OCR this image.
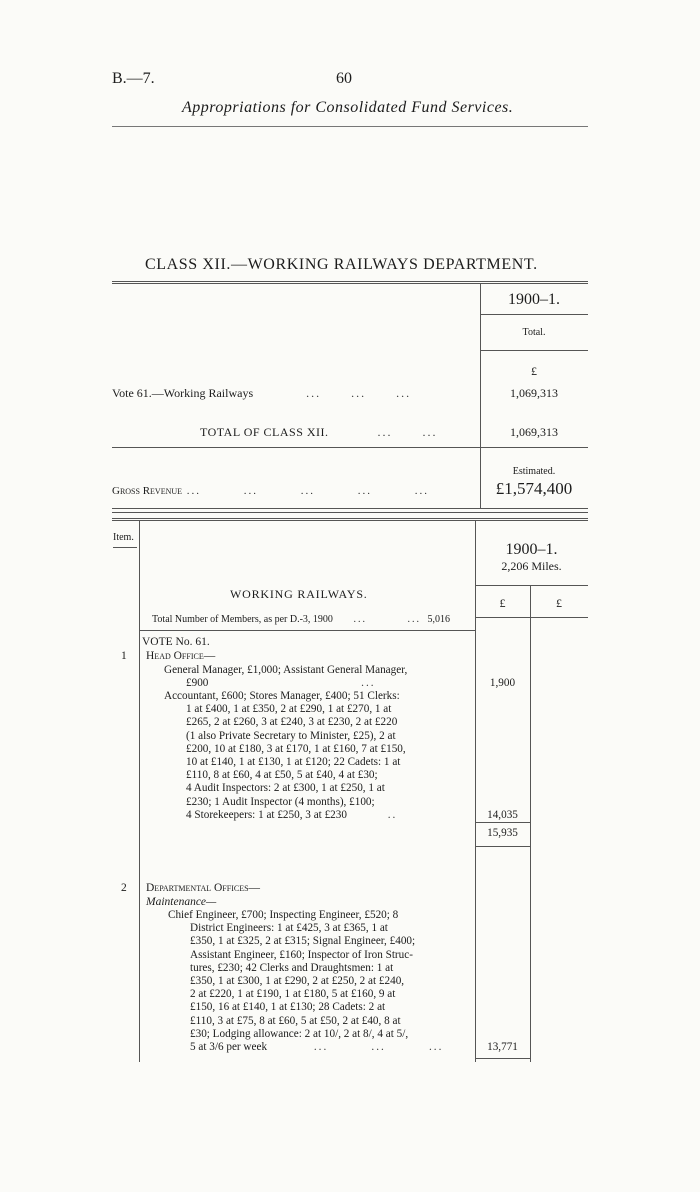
B.—7.	60
Appropriations for Consolidated Fund Services.
CLASS XII.—WORKING RAILWAYS DEPARTMENT.
1900–1.
Total.
£
Vote 61.—Working Railways	...      ...      ...	1,069,313
TOTAL OF CLASS XII.	...      ...	1,069,313
Estimated.
Gross Revenue ...         ...         ...         ...         ...	£1,574,400
Item.
1900–1.
2,206 Miles.
£	£
WORKING RAILWAYS.
Total Number of Members, as per D.-3, 1900 ...         ... 5,016
VOTE No. 61.
1 Head Office—
General Manager, £1,000; Assistant General Manager,
£900	...	1,900
Accountant, £600; Stores Manager, £400; 51 Clerks:
1 at £400, 1 at £350, 2 at £290, 1 at £270, 1 at
£265, 2 at £260, 3 at £240, 3 at £230, 2 at £220
(1 also Private Secretary to Minister, £25), 2 at
£200, 10 at £180, 3 at £170, 1 at £160, 7 at £150,
10 at £140, 1 at £130, 1 at £120; 22 Cadets: 1 at
£110, 8 at £60, 4 at £50, 5 at £40, 4 at £30;
4 Audit Inspectors: 2 at £300, 1 at £250, 1 at
£230; 1 Audit Inspector (4 months), £100;
4 Storekeepers: 1 at £250, 3 at £230	..	14,035
15,935
2 Departmental Offices—
Maintenance—
Chief Engineer, £700; Inspecting Engineer, £520; 8
District Engineers: 1 at £425, 3 at £365, 1 at
£350, 1 at £325, 2 at £315; Signal Engineer, £400;
Assistant Engineer, £160; Inspector of Iron Struc-
tures, £230; 42 Clerks and Draughtsmen: 1 at
£350, 1 at £300, 1 at £290, 2 at £250, 2 at £240,
2 at £220, 1 at £190, 1 at £180, 5 at £160, 9 at
£150, 16 at £140, 1 at £130; 28 Cadets: 2 at
£110, 3 at £75, 8 at £60, 5 at £50, 2 at £40, 8 at
£30; Lodging allowance: 2 at 10/, 2 at 8/, 4 at 5/,
5 at 3/6 per week	...         ...         ...	13,771
